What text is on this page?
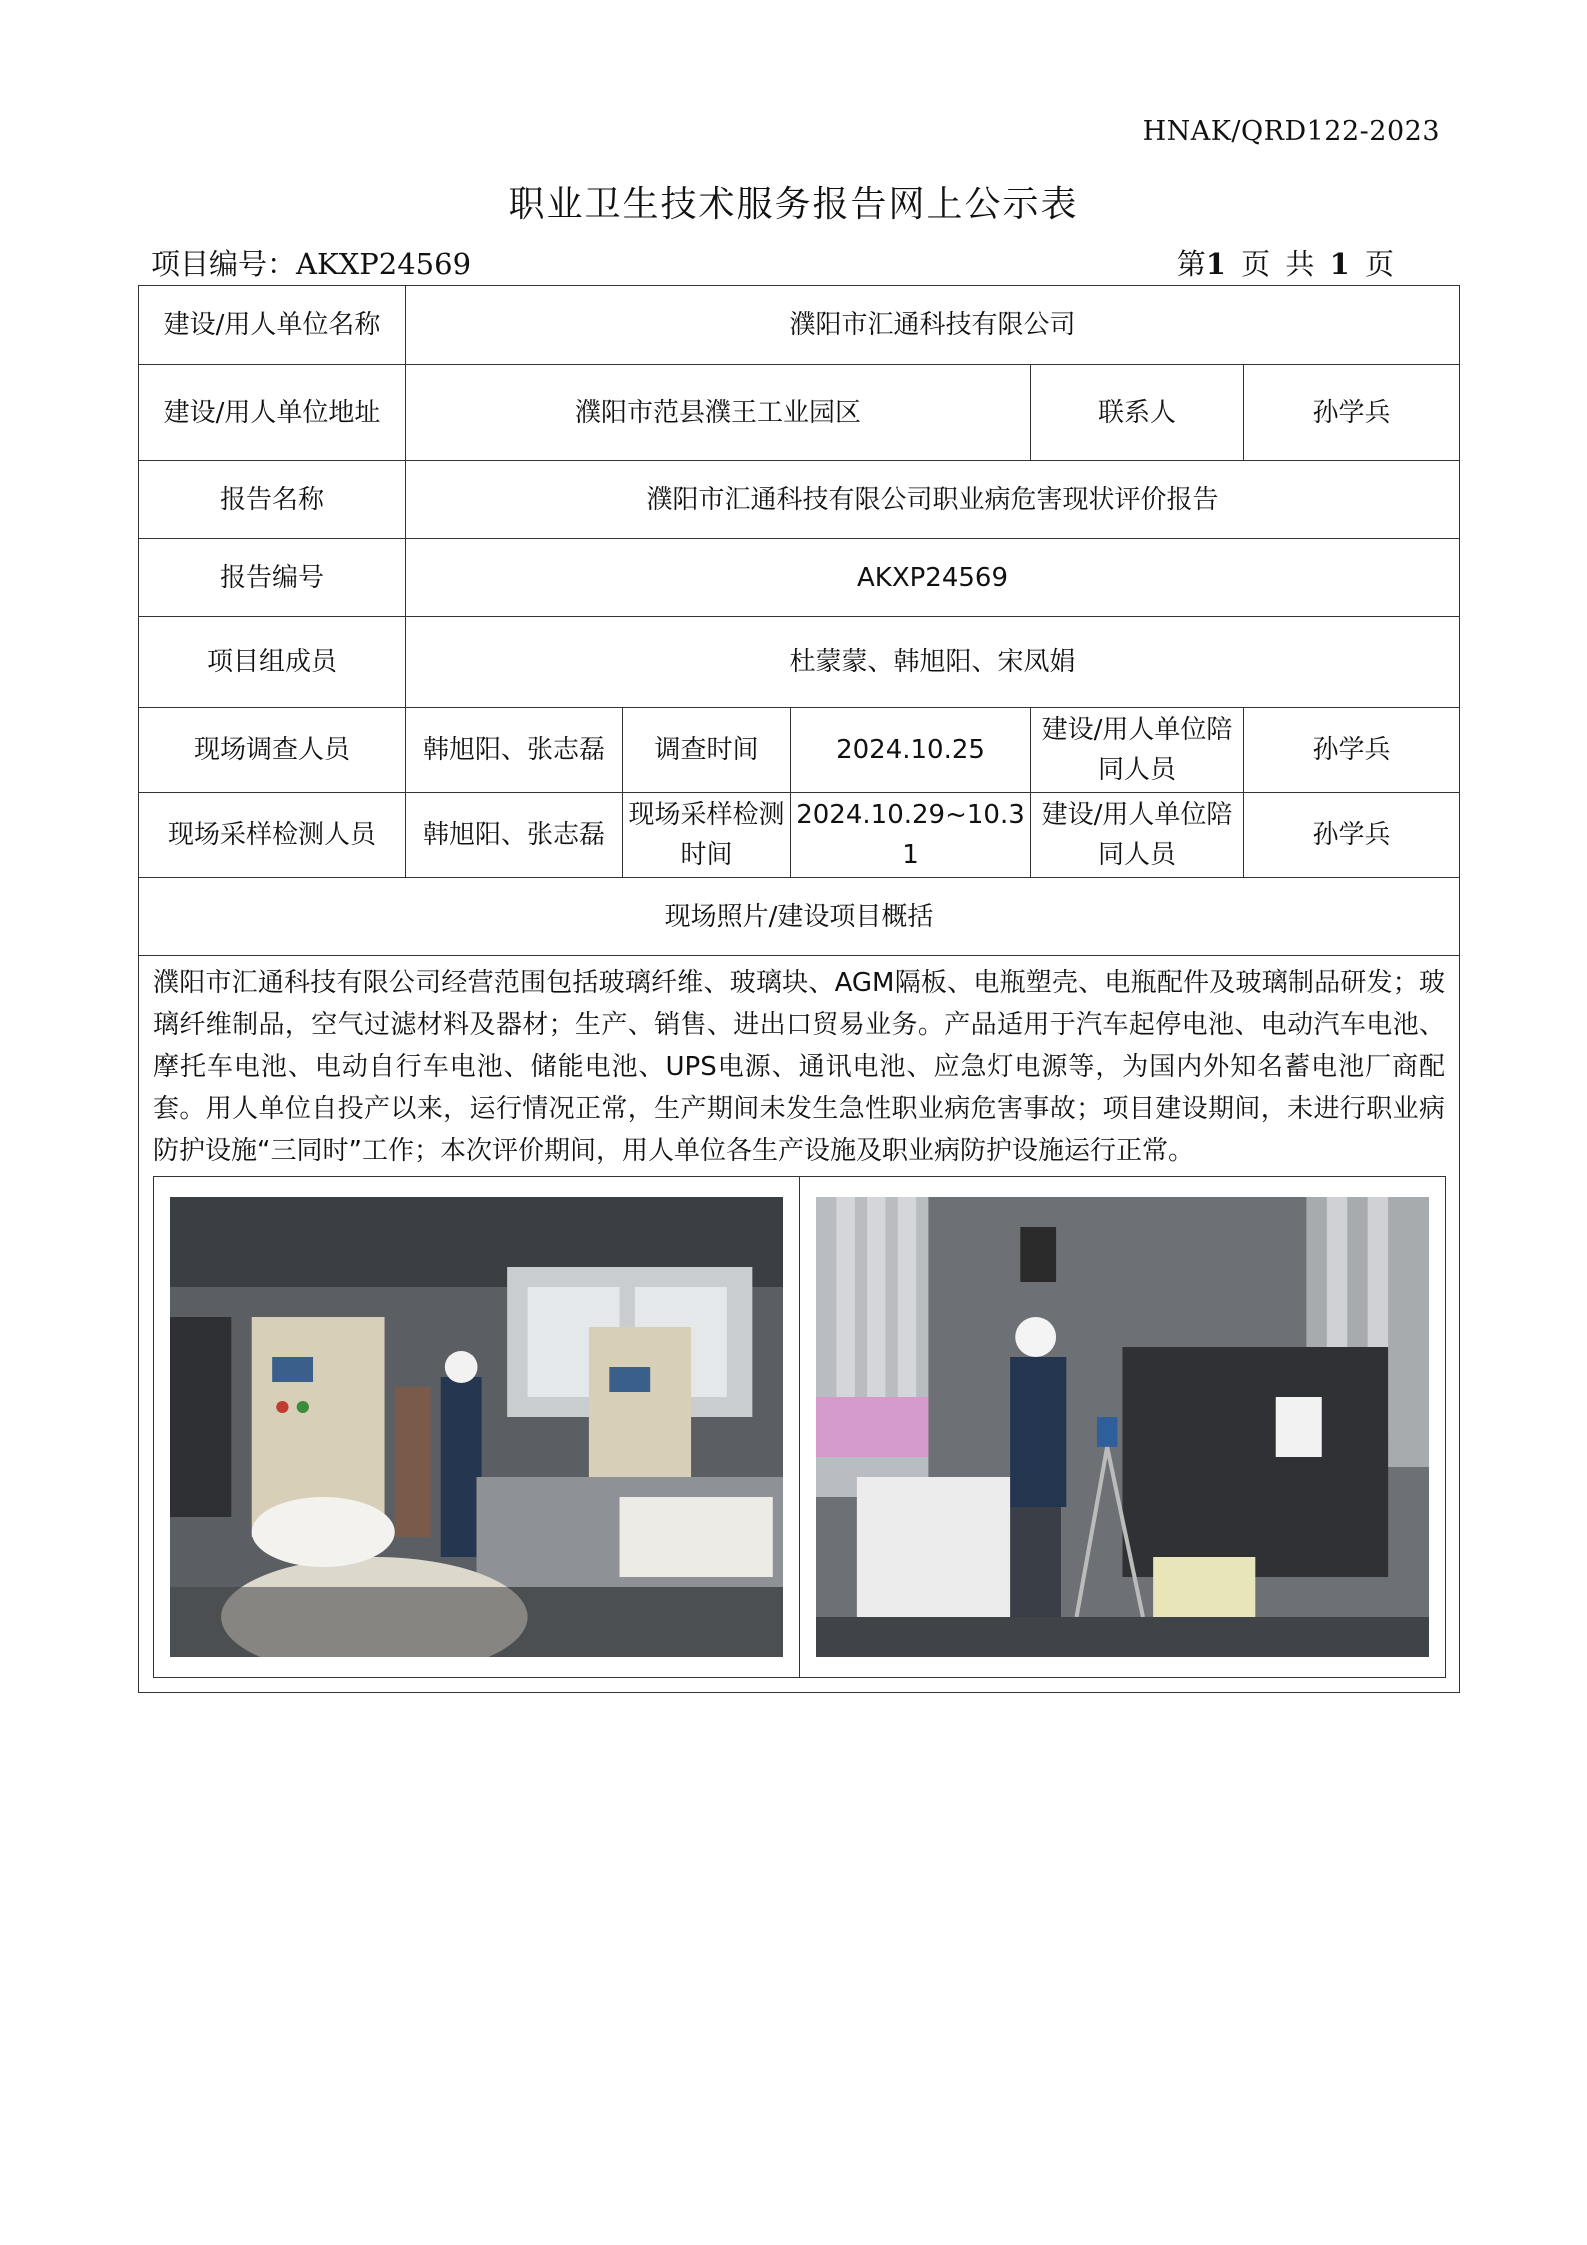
HNAK/QRD122-2023
职业卫生技术服务报告网上公示表
项目编号：AKXP24569	第1 页 共 1 页
建设/用人单位名称	濮阳市汇通科技有限公司				
建设/用人单位地址	濮阳市范县濮王工业园区			联系人	孙学兵
报告名称	濮阳市汇通科技有限公司职业病危害现状评价报告				
报告编号	AKXP24569				
项目组成员	杜蒙蒙、韩旭阳、宋凤娟				
现场调查人员	韩旭阳、张志磊	调查时间	2024.10.25	建设/用人单位陪同人员	孙学兵
现场采样检测人员	韩旭阳、张志磊	现场采样检测时间	2024.10.29~10.31	建设/用人单位陪同人员	孙学兵
现场照片/建设项目概括					

濮阳市汇通科技有限公司经营范围包括玻璃纤维、玻璃块、AGM隔板、电瓶塑壳、电瓶配件及玻璃制品研发；玻璃纤维制品，空气过滤材料及器材；生产、销售、进出口贸易业务。产品适用于汽车起停电池、电动汽车电池、摩托车电池、电动自行车电池、储能电池、UPS电源、通讯电池、应急灯电源等，为国内外知名蓄电池厂商配套。用人单位自投产以来，运行情况正常，生产期间未发生急性职业病危害事故；项目建设期间，未进行职业病防护设施“三同时”工作；本次评价期间，用人单位各生产设施及职业病防护设施运行正常。					
